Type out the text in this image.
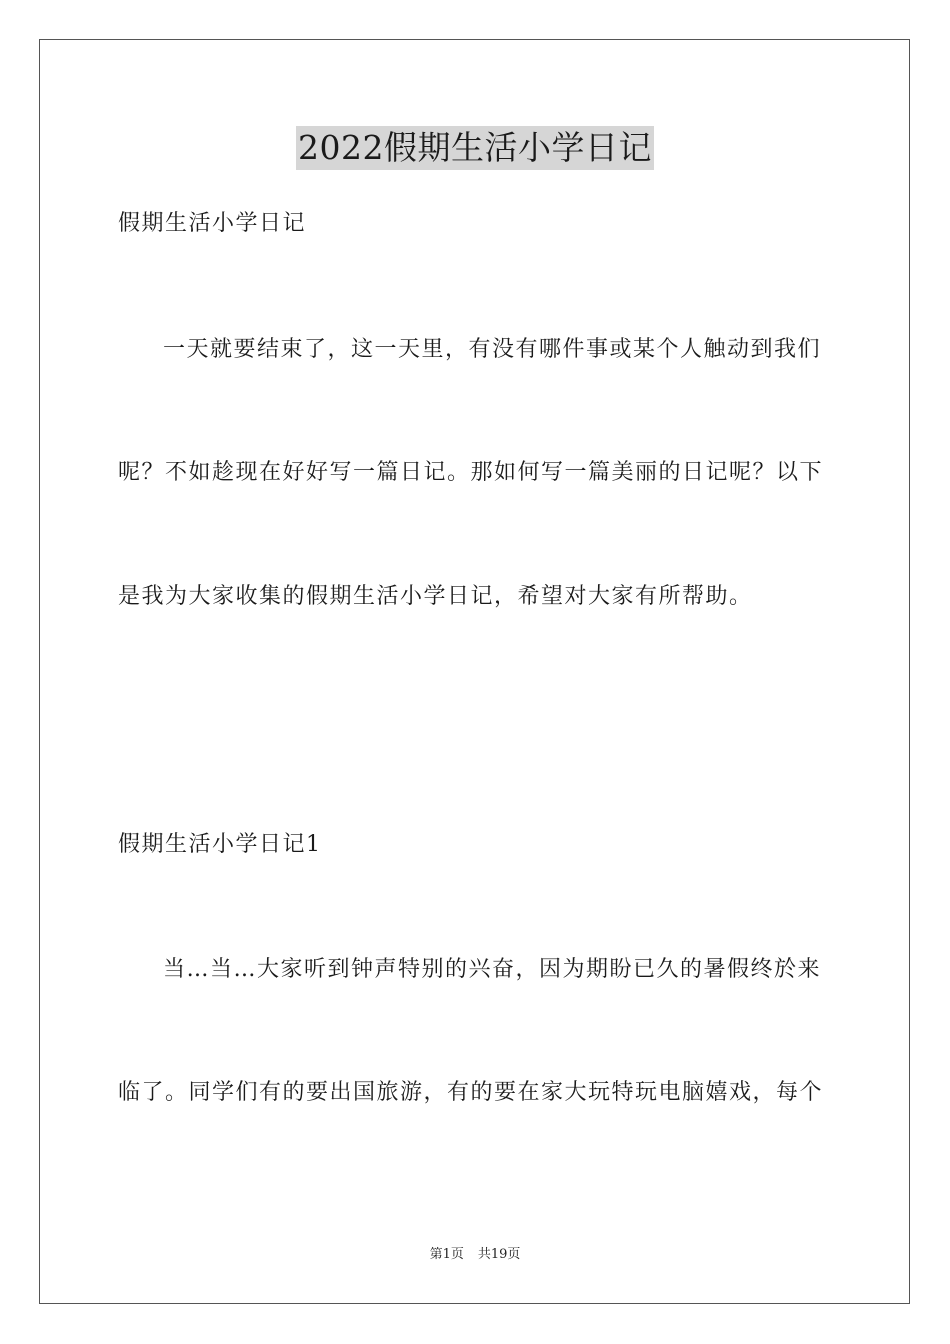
2022假期生活小学日记
假期生活小学日记
一天就要结束了，这一天里，有没有哪件事或某个人触动到我们
呢？不如趁现在好好写一篇日记。那如何写一篇美丽的日记呢？以下
是我为大家收集的假期生活小学日记，希望对大家有所帮助。
假期生活小学日记1
当…当…大家听到钟声特别的兴奋，因为期盼已久的暑假终於来
临了。同学们有的要出国旅游，有的要在家大玩特玩电脑嬉戏，每个
第1页 共19页
